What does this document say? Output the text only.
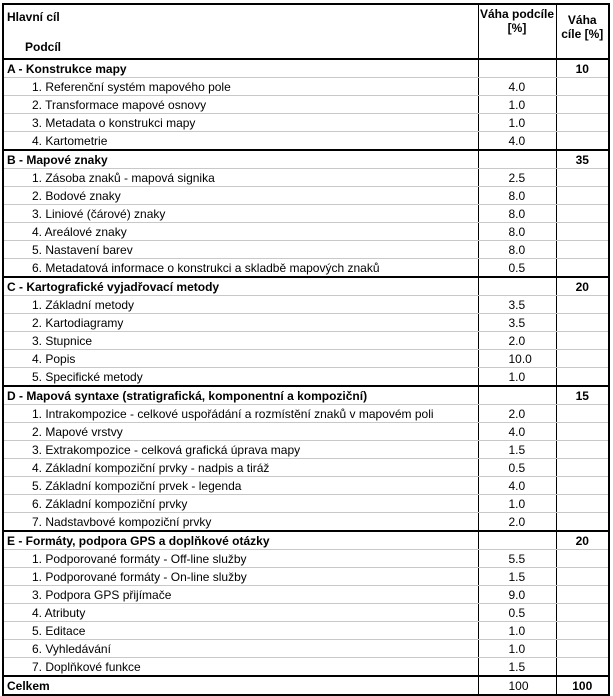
Hlavní cíl	Váha podcíle [%]	Váha cíle [%]
Podcíl		
A - Konstrukce mapy		10
1. Referenční systém mapového pole	4.0	
2. Transformace mapové osnovy	1.0	
3. Metadata o konstrukci mapy	1.0	
4. Kartometrie	4.0	
B - Mapové znaky		35
1. Zásoba znaků - mapová signika	2.5	
2. Bodové znaky	8.0	
3. Liniové (čárové) znaky	8.0	
4. Areálové znaky	8.0	
5. Nastavení barev	8.0	
6. Metadatová informace o konstrukci a skladbě mapových znaků	0.5	
C - Kartografické vyjadřovací metody		20
1. Základní metody	3.5	
2. Kartodiagramy	3.5	
3. Stupnice	2.0	
4. Popis	10.0	
5. Specifické metody	1.0	
D - Mapová syntaxe (stratigrafická, komponentní a kompoziční)		15
1. Intrakompozice - celkové uspořádání a rozmístění znaků v mapovém poli	2.0	
2. Mapové vrstvy	4.0	
3. Extrakompozice - celková grafická úprava mapy	1.5	
4. Základní kompoziční prvky - nadpis a tiráž	0.5	
5. Základní kompoziční prvek - legenda	4.0	
6. Základní kompoziční prvky	1.0	
7. Nadstavbové kompoziční prvky	2.0	
E - Formáty, podpora GPS a doplňkové otázky		20
1. Podporované formáty - Off-line služby	5.5	
1. Podporované formáty - On-line služby	1.5	
3. Podpora GPS přijímače	9.0	
4. Atributy	0.5	
5. Editace	1.0	
6. Vyhledávání	1.0	
7. Doplňkové funkce	1.5	
Celkem	100	100
